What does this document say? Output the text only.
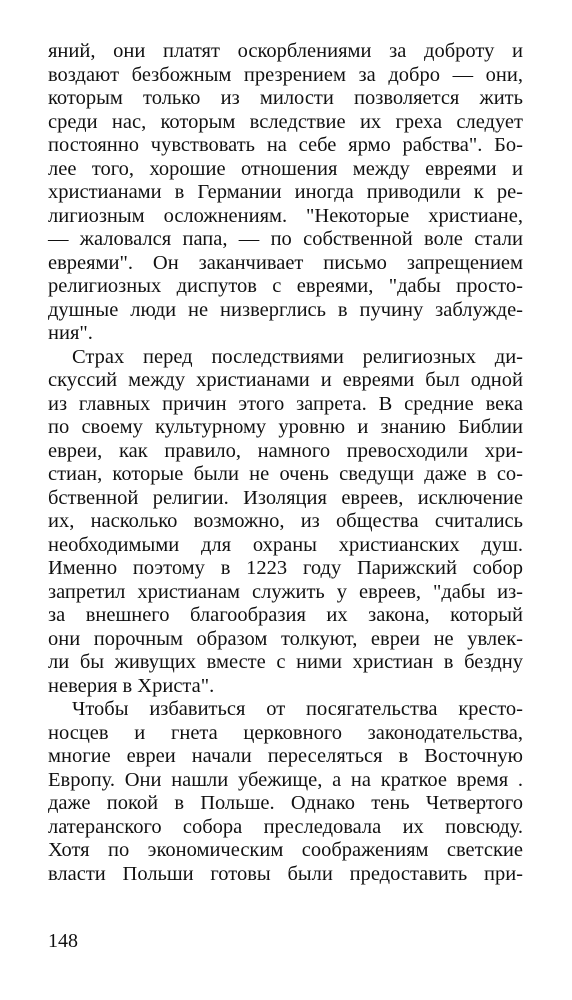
яний, они платят оскорблениями за доброту и
воздают безбожным презрением за добро — они,
которым только из милости позволяется жить
среди нас, которым вследствие их греха следует
постоянно чувствовать на себе ярмо рабства". Бо-
лее того, хорошие отношения между евреями и
христианами в Германии иногда приводили к ре-
лигиозным осложнениям. "Некоторые христиане,
— жаловался папа, — по собственной воле стали
евреями". Он заканчивает письмо запрещением
религиозных диспутов с евреями, "дабы просто-
душные люди не низверглись в пучину заблужде-
ния".
Страх перед последствиями религиозных ди-
скуссий между христианами и евреями был одной
из главных причин этого запрета. В средние века
по своему культурному уровню и знанию Библии
евреи, как правило, намного превосходили хри-
стиан, которые были не очень сведущи даже в со-
бственной религии. Изоляция евреев, исключение
их, насколько возможно, из общества считались
необходимыми для охраны христианских душ.
Именно поэтому в 1223 году Парижский собор
запретил христианам служить у евреев, "дабы из-
за внешнего благообразия их закона, который
они порочным образом толкуют, евреи не увлек-
ли бы живущих вместе с ними христиан в бездну
неверия в Христа".
Чтобы избавиться от посягательства кресто-
носцев и гнета церковного законодательства,
многие евреи начали переселяться в Восточную
Европу. Они нашли убежище, а на краткое время .
даже покой в Польше. Однако тень Четвертого
латеранского собора преследовала их повсюду.
Хотя по экономическим соображениям светские
власти Польши готовы были предоставить при-
148
